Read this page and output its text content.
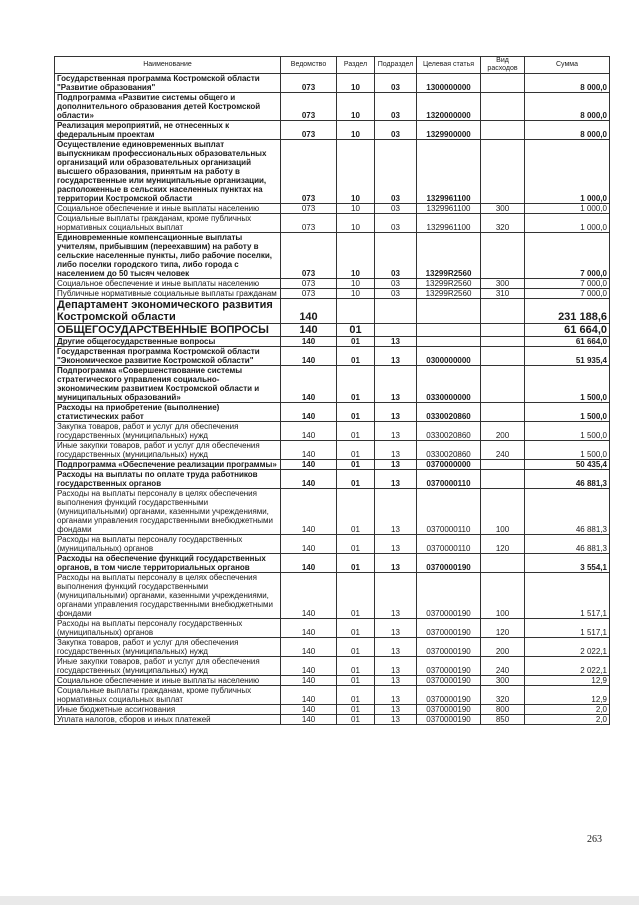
Наименование	Ведомство	Раздел	Подраздел	Целевая статья	Вид расходов	Сумма
Государственная программа Костромской области "Развитие образования"	073	10	03	1300000000		8 000,0
Подпрограмма «Развитие системы общего и дополнительного образования детей Костромской области»	073	10	03	1320000000		8 000,0
Реализация мероприятий, не отнесенных к федеральным проектам	073	10	03	1329900000		8 000,0
Осуществление единовременных выплат выпускникам профессиональных образовательных организаций или образовательных организаций высшего образования, принятым на работу в государственные или муниципальные организации, расположенные в сельских населенных пунктах на территории Костромской области	073	10	03	1329961100		1 000,0
Социальное обеспечение и иные выплаты населению	073	10	03	1329961100	300	1 000,0
Социальные выплаты гражданам, кроме публичных нормативных социальных выплат	073	10	03	1329961100	320	1 000,0
Единовременные компенсационные выплаты учителям, прибывшим (переехавшим) на работу в сельские населенные пункты, либо рабочие поселки, либо поселки городского типа, либо города с населением до 50 тысяч человек	073	10	03	13299R2560		7 000,0
Социальное обеспечение и иные выплаты населению	073	10	03	13299R2560	300	7 000,0
Публичные нормативные социальные выплаты гражданам	073	10	03	13299R2560	310	7 000,0
Департамент экономического развития Костромской области	140					231 188,6
ОБЩЕГОСУДАРСТВЕННЫЕ ВОПРОСЫ	140	01				61 664,0
Другие общегосударственные вопросы	140	01	13			61 664,0
Государственная программа Костромской области "Экономическое развитие Костромской области"	140	01	13	0300000000		51 935,4
Подпрограмма «Совершенствование системы стратегического управления социально-экономическим развитием Костромской области и муниципальных образований»	140	01	13	0330000000		1 500,0
Расходы на приобретение (выполнение) статистических работ	140	01	13	0330020860		1 500,0
Закупка товаров, работ и услуг для обеспечения государственных (муниципальных) нужд	140	01	13	0330020860	200	1 500,0
Иные закупки товаров, работ и услуг для обеспечения государственных (муниципальных) нужд	140	01	13	0330020860	240	1 500,0
Подпрограмма «Обеспечение реализации программы»	140	01	13	0370000000		50 435,4
Расходы на выплаты по оплате труда работников государственных органов	140	01	13	0370000110		46 881,3
Расходы на выплаты персоналу в целях обеспечения выполнения функций государственными (муниципальными) органами, казенными учреждениями, органами управления государственными внебюджетными фондами	140	01	13	0370000110	100	46 881,3
Расходы на выплаты персоналу государственных (муниципальных) органов	140	01	13	0370000110	120	46 881,3
Расходы на обеспечение функций государственных органов, в том числе территориальных органов	140	01	13	0370000190		3 554,1
Расходы на выплаты персоналу в целях обеспечения выполнения функций государственными (муниципальными) органами, казенными учреждениями, органами управления государственными внебюджетными фондами	140	01	13	0370000190	100	1 517,1
Расходы на выплаты персоналу государственных (муниципальных) органов	140	01	13	0370000190	120	1 517,1
Закупка товаров, работ и услуг для обеспечения государственных (муниципальных) нужд	140	01	13	0370000190	200	2 022,1
Иные закупки товаров, работ и услуг для обеспечения государственных (муниципальных) нужд	140	01	13	0370000190	240	2 022,1
Социальное обеспечение и иные выплаты населению	140	01	13	0370000190	300	12,9
Социальные выплаты гражданам, кроме публичных нормативных социальных выплат	140	01	13	0370000190	320	12,9
Иные бюджетные ассигнования	140	01	13	0370000190	800	2,0
Уплата налогов, сборов и иных платежей	140	01	13	0370000190	850	2,0
263
